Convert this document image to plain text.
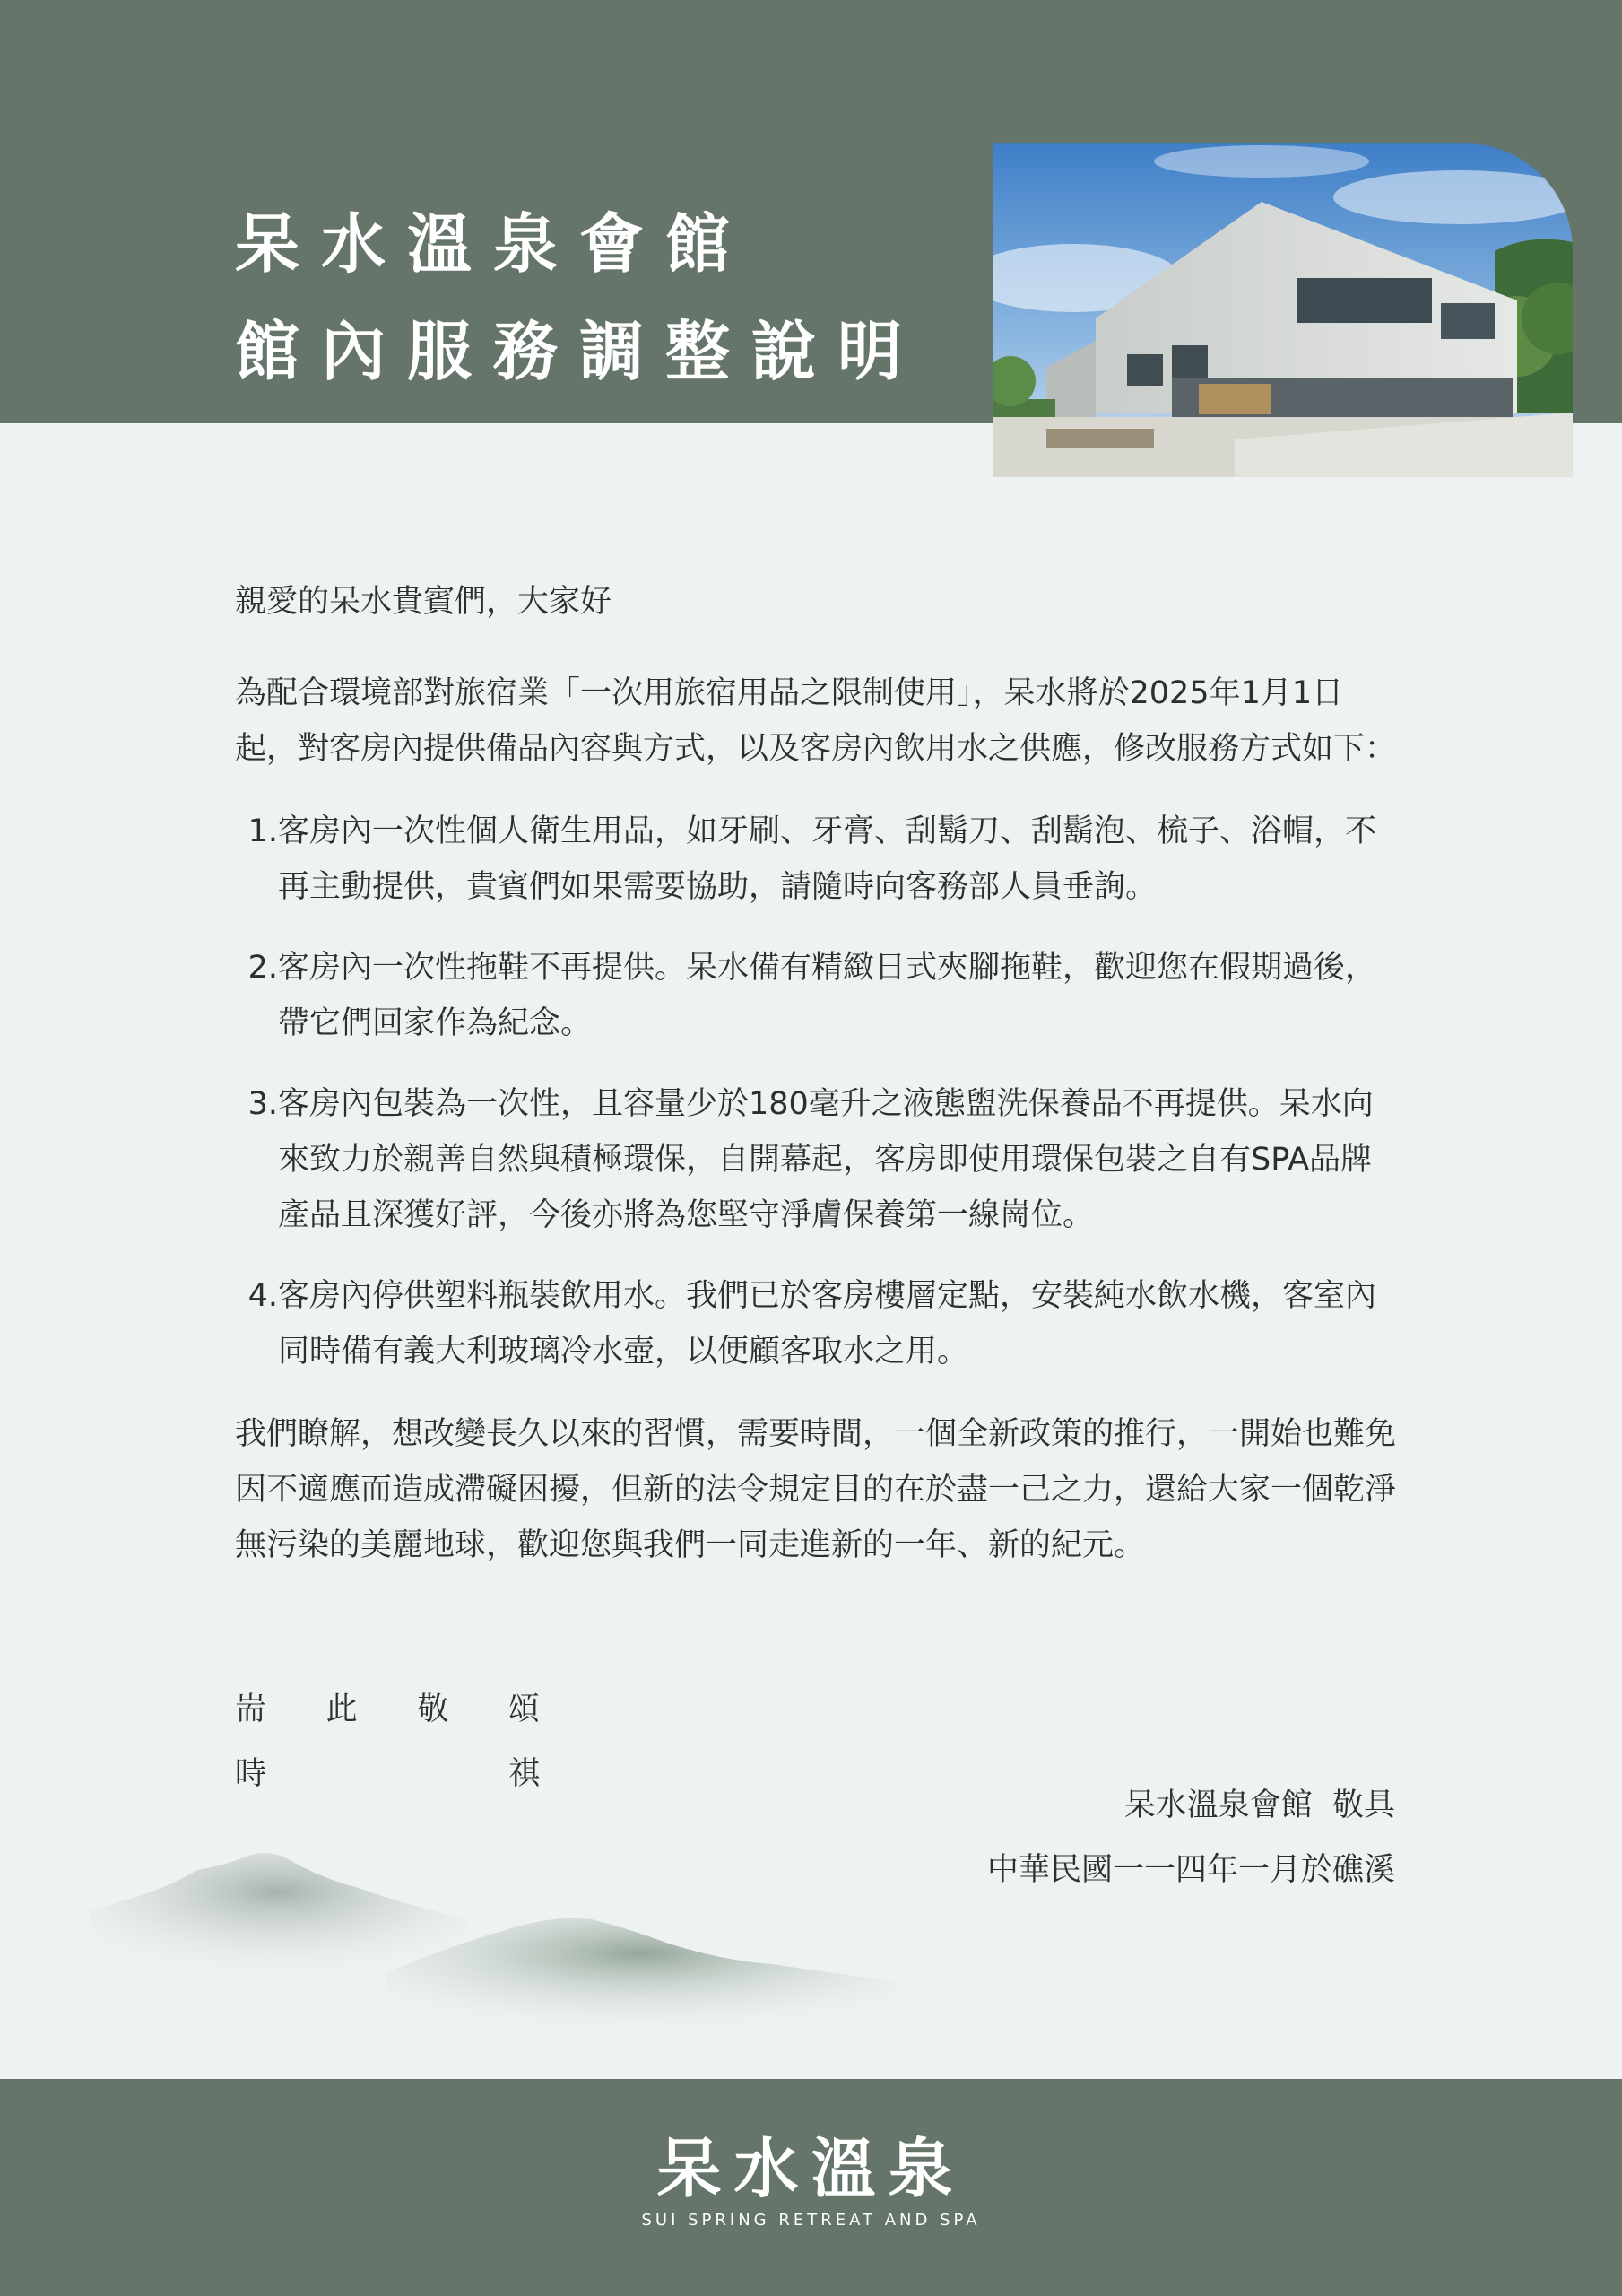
呆水溫泉會館
館內服務調整說明

親愛的呆水貴賓們，大家好

為配合環境部對旅宿業「一次用旅宿用品之限制使用」，呆水將於2025年1月1日起，對客房內提供備品內容與方式，以及客房內飲用水之供應，修改服務方式如下：

1. 客房內一次性個人衛生用品，如牙刷、牙膏、刮鬍刀、刮鬍泡、梳子、浴帽，不再主動提供，貴賓們如果需要協助，請隨時向客務部人員垂詢。
2. 客房內一次性拖鞋不再提供。呆水備有精緻日式夾腳拖鞋，歡迎您在假期過後，帶它們回家作為紀念。
3. 客房內包裝為一次性，且容量少於180毫升之液態盥洗保養品不再提供。呆水向來致力於親善自然與積極環保，自開幕起，客房即使用環保包裝之自有SPA品牌產品且深獲好評，今後亦將為您堅守淨膚保養第一線崗位。
4. 客房內停供塑料瓶裝飲用水。我們已於客房樓層定點，安裝純水飲水機，客室內同時備有義大利玻璃冷水壺，以便顧客取水之用。

我們瞭解，想改變長久以來的習慣，需要時間，一個全新政策的推行，一開始也難免因不適應而造成滯礙困擾，但新的法令規定目的在於盡一己之力，還給大家一個乾淨無污染的美麗地球，歡迎您與我們一同走進新的一年、新的紀元。

耑 此 敬 頌
時	祺
呆水溫泉會館  敬具
中華民國一一四年一月於礁溪
呆水溫泉
SUI SPRING RETREAT AND SPA
